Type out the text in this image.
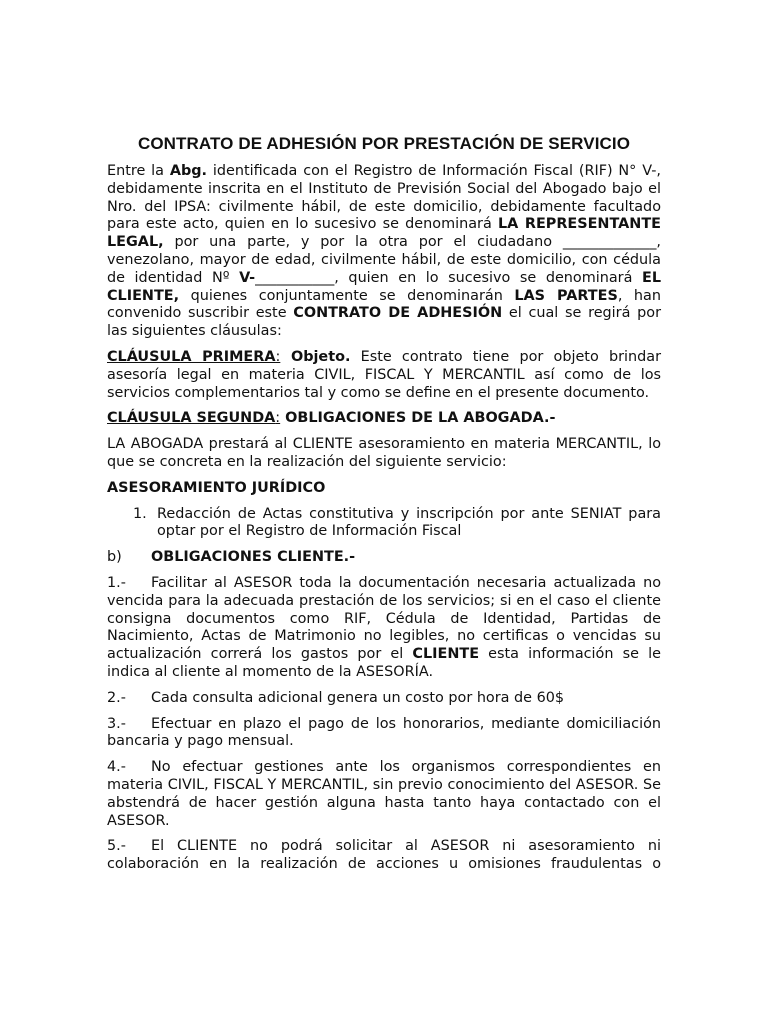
CONTRATO DE ADHESIÓN POR PRESTACIÓN DE SERVICIO

Entre la Abg. identificada con el Registro de Información Fiscal (RIF) N° V-, debidamente inscrita en el Instituto de Previsión Social del Abogado bajo el Nro. del IPSA: civilmente hábil, de este domicilio, debidamente facultado para este acto, quien en lo sucesivo se denominará LA REPRESENTANTE LEGAL, por una parte, y por la otra por el ciudadano _____________, venezolano, mayor de edad, civilmente hábil, de este domicilio, con cédula de identidad Nº V-___________, quien en lo sucesivo se denominará EL CLIENTE, quienes conjuntamente se denominarán LAS PARTES, han convenido suscribir este CONTRATO DE ADHESIÓN el cual se regirá por las siguientes cláusulas:

CLÁUSULA PRIMERA: Objeto. Este contrato tiene por objeto brindar asesoría legal en materia CIVIL, FISCAL Y MERCANTIL así como de los servicios complementarios tal y como se define en el presente documento.

CLÁUSULA SEGUNDA: OBLIGACIONES DE LA ABOGADA.-

LA ABOGADA prestará al CLIENTE asesoramiento en materia MERCANTIL, lo que se concreta en la realización del siguiente servicio:

ASESORAMIENTO JURÍDICO

1. Redacción de Actas constitutiva y inscripción por ante SENIAT para optar por el Registro de Información Fiscal

b) OBLIGACIONES CLIENTE.-

1.- Facilitar al ASESOR toda la documentación necesaria actualizada no vencida para la adecuada prestación de los servicios; si en el caso el cliente consigna documentos como RIF, Cédula de Identidad, Partidas de Nacimiento, Actas de Matrimonio no legibles, no certificas o vencidas su actualización correrá los gastos por el CLIENTE esta información se le indica al cliente al momento de la ASESORÍA.

2.- Cada consulta adicional genera un costo por hora de 60$

3.- Efectuar en plazo el pago de los honorarios, mediante domiciliación bancaria y pago mensual.

4.- No efectuar gestiones ante los organismos correspondientes en materia CIVIL, FISCAL Y MERCANTIL, sin previo conocimiento del ASESOR. Se abstendrá de hacer gestión alguna hasta tanto haya contactado con el ASESOR.

5.- El CLIENTE no podrá solicitar al ASESOR ni asesoramiento ni colaboración en la realización de acciones u omisiones fraudulentas o
